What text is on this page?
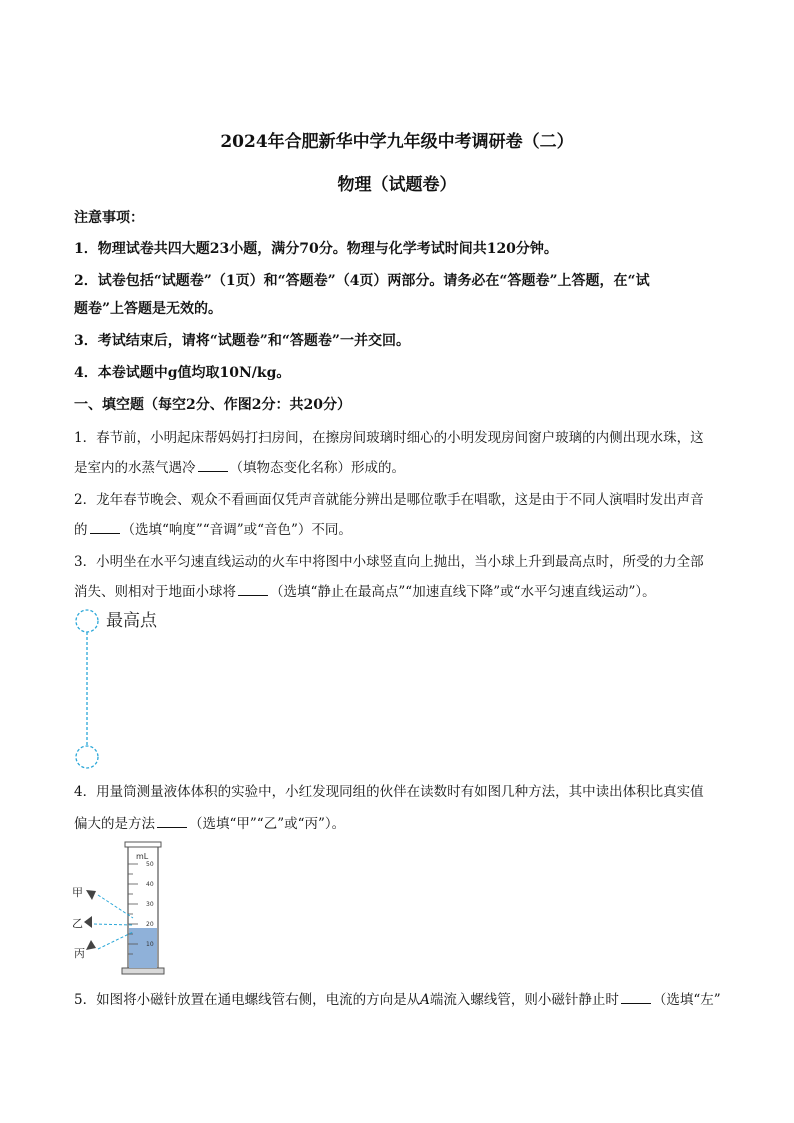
2024年合肥新华中学九年级中考调研卷（二）
物理（试题卷）
注意事项：
1．物理试卷共四大题23小题，满分70分。物理与化学考试时间共120分钟。
2．试卷包括“试题卷”（1页）和“答题卷”（4页）两部分。请务必在“答题卷”上答题，在“试
题卷”上答题是无效的。
3．考试结束后，请将“试题卷”和“答题卷”一并交回。
4．本卷试题中g值均取10N/kg。
一、填空题（每空2分、作图2分：共20分）
1．春节前，小明起床帮妈妈打扫房间，在擦房间玻璃时细心的小明发现房间窗户玻璃的内侧出现水珠，这
是室内的水蒸气遇冷	（填物态变化名称）形成的。
2．龙年春节晚会、观众不看画面仅凭声音就能分辨出是哪位歌手在唱歌，这是由于不同人演唱时发出声音
的	（选填“响度”“音调”或“音色”）不同。
3．小明坐在水平匀速直线运动的火车中将图中小球竖直向上抛出，当小球上升到最高点时，所受的力全部
消失、则相对于地面小球将	（选填“静止在最高点”“加速直线下降”或“水平匀速直线运动”）。
最高点
4．用量筒测量液体体积的实验中，小红发现同组的伙伴在读数时有如图几种方法，其中读出体积比真实值
偏大的是方法	（选填“甲”“乙”或“丙”）。
mL
50
40
30
20
10
甲
乙
丙
5．如图将小磁针放置在通电螺线管右侧，电流的方向是从A端流入螺线管，则小磁针静止时	（选填“左”
